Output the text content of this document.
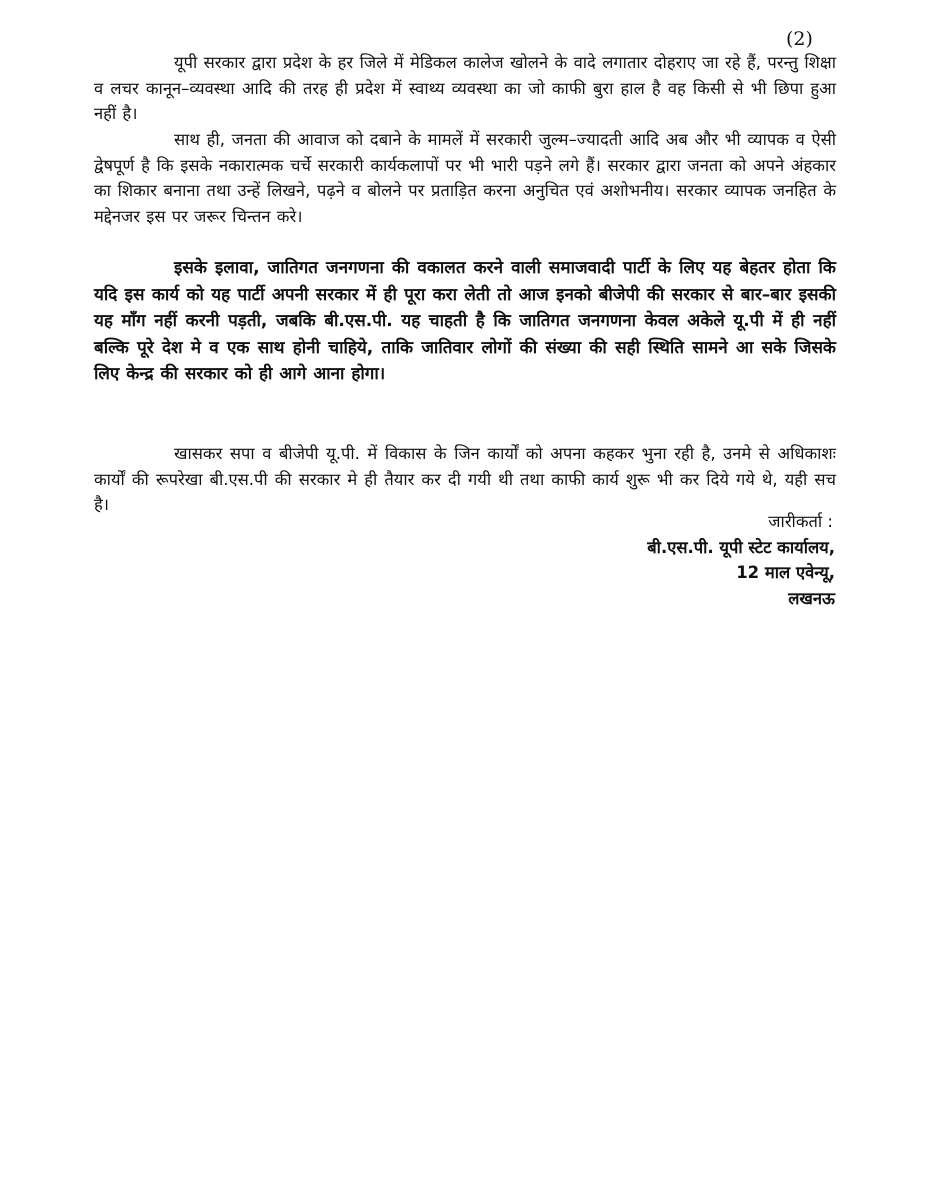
(2)

यूपी सरकार द्वारा प्रदेश के हर जिले में मेडिकल कालेज खोलने के वादे लगातार दोहराए जा रहे हैं, परन्तु शिक्षा व लचर कानून–व्यवस्था आदि की तरह ही प्रदेश में स्वाथ्य व्यवस्था का जो काफी बुरा हाल है वह किसी से भी छिपा हुआ नहीं है।

साथ ही, जनता की आवाज को दबाने के मामलें में सरकारी जुल्म–ज्यादती आदि अब और भी व्यापक व ऐसी द्वेषपूर्ण है कि इसके नकारात्मक चर्चे सरकारी कार्यकलापों पर भी भारी पड़ने लगे हैं। सरकार द्वारा जनता को अपने अंहकार का शिकार बनाना तथा उन्हें लिखने, पढ़ने व बोलने पर प्रताड़ित करना अनुचित एवं अशोभनीय। सरकार व्यापक जनहित के मद्देनजर इस पर जरूर चिन्तन करे।

इसके इलावा, जातिगत जनगणना की वकालत करने वाली समाजवादी पार्टी के लिए यह बेहतर होता कि यदि इस कार्य को यह पार्टी अपनी सरकार में ही पूरा करा लेती तो आज इनको बीजेपी की सरकार से बार–बार इसकी यह माँग नहीं करनी पड़ती, जबकि बी.एस.पी. यह चाहती है कि जातिगत जनगणना केवल अकेले यू.पी में ही नहीं बल्कि पूरे देश मे व एक साथ होनी चाहिये, ताकि जातिवार लोगों की संख्या की सही स्थिति सामने आ सके जिसके लिए केन्द्र की सरकार को ही आगे आना होगा।

खासकर सपा व बीजेपी यू.पी. में विकास के जिन कार्यों को अपना कहकर भुना रही है, उनमे से अधिकाशः कार्यों की रूपरेखा बी.एस.पी की सरकार मे ही तैयार कर दी गयी थी तथा काफी कार्य शुरू भी कर दिये गये थे, यही सच है।

जारीकर्ता :
बी.एस.पी. यूपी स्टेट कार्यालय,
12 माल एवेन्यू,
लखनऊ
